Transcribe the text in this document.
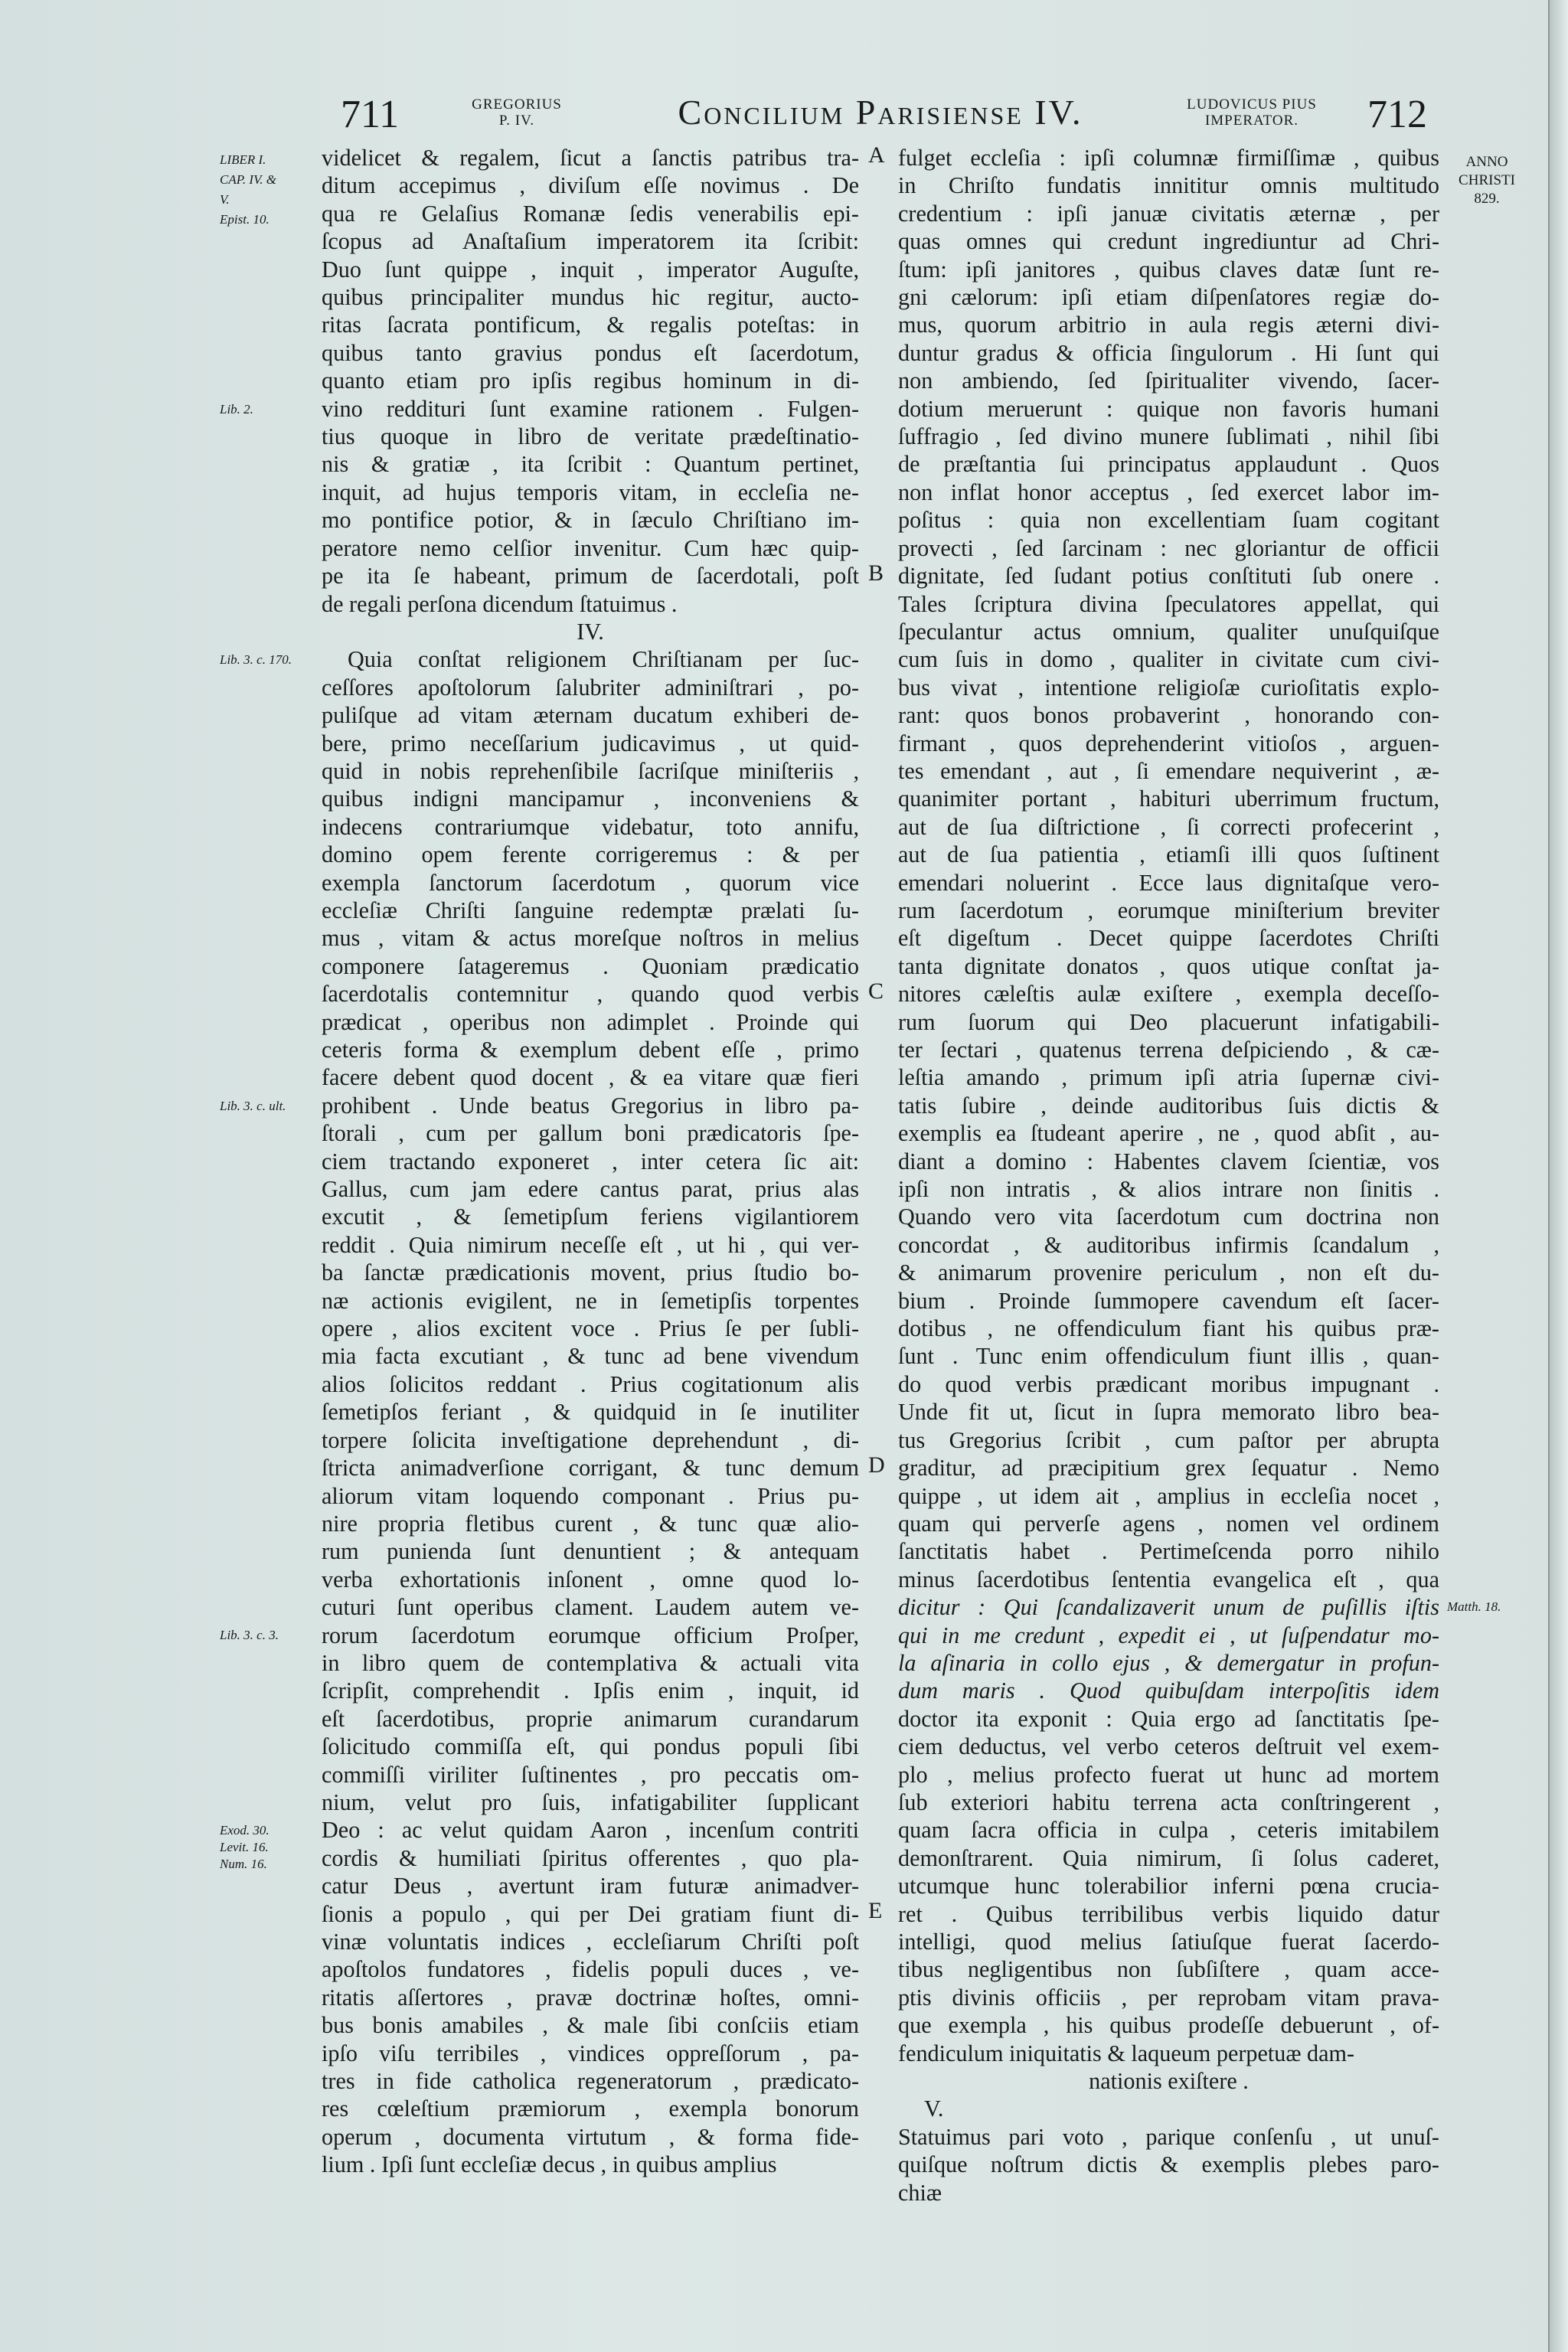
711	GREGORIUS
P. IV.	Concilium Parisiense IV.	LUDOVICUS PIUS
IMPERATOR.	712
ANNO
CHRISTI
829.
LIBER I.
CAP. IV. &
V.
Epist. 10.
Lib. 2.
Lib. 3. c. 170.
Lib. 3. c. ult.
Lib. 3. c. 3.
Exod. 30.
Levit. 16.
Num. 16.
Matth. 18.
A
B
C
D
E
videlicet & regalem, ſicut a ſanctis patribus tra-
ditum accepimus , diviſum eſſe novimus . De
qua re Gelaſius Romanæ ſedis venerabilis epi-
ſcopus ad Anaſtaſium imperatorem ita ſcribit:
Duo ſunt quippe , inquit , imperator Auguſte,
quibus principaliter mundus hic regitur, aucto-
ritas ſacrata pontificum, & regalis poteſtas: in
quibus tanto gravius pondus eſt ſacerdotum,
quanto etiam pro ipſis regibus hominum in di-
vino reddituri ſunt examine rationem . Fulgen-
tius quoque in libro de veritate prædeſtinatio-
nis & gratiæ , ita ſcribit : Quantum pertinet,
inquit, ad hujus temporis vitam, in eccleſia ne-
mo pontifice potior, & in ſæculo Chriſtiano im-
peratore nemo celſior invenitur. Cum hæc quip-
pe ita ſe habeant, primum de ſacerdotali, poſt
de regali perſona dicendum ſtatuimus .
IV.
Quia conſtat religionem Chriſtianam per ſuc-
ceſſores apoſtolorum ſalubriter adminiſtrari , po-
puliſque ad vitam æternam ducatum exhiberi de-
bere, primo neceſſarium judicavimus , ut quid-
quid in nobis reprehenſibile ſacriſque miniſteriis ,
quibus indigni mancipamur , inconveniens &
indecens contrariumque videbatur, toto annifu,
domino opem ferente corrigeremus : & per
exempla ſanctorum ſacerdotum , quorum vice
eccleſiæ Chriſti ſanguine redemptæ prælati ſu-
mus , vitam & actus moreſque noſtros in melius
componere ſatageremus . Quoniam prædicatio
ſacerdotalis contemnitur , quando quod verbis
prædicat , operibus non adimplet . Proinde qui
ceteris forma & exemplum debent eſſe , primo
facere debent quod docent , & ea vitare quæ fieri
prohibent . Unde beatus Gregorius in libro pa-
ſtorali , cum per gallum boni prædicatoris ſpe-
ciem tractando exponeret , inter cetera ſic ait:
Gallus, cum jam edere cantus parat, prius alas
excutit , & ſemetipſum feriens vigilantiorem
reddit . Quia nimirum neceſſe eſt , ut hi , qui ver-
ba ſanctæ prædicationis movent, prius ſtudio bo-
næ actionis evigilent, ne in ſemetipſis torpentes
opere , alios excitent voce . Prius ſe per ſubli-
mia facta excutiant , & tunc ad bene vivendum
alios ſolicitos reddant . Prius cogitationum alis
ſemetipſos feriant , & quidquid in ſe inutiliter
torpere ſolicita inveſtigatione deprehendunt , di-
ſtricta animadverſione corrigant, & tunc demum
aliorum vitam loquendo componant . Prius pu-
nire propria fletibus curent , & tunc quæ alio-
rum punienda ſunt denuntient ; & antequam
verba exhortationis inſonent , omne quod lo-
cuturi ſunt operibus clament. Laudem autem ve-
rorum ſacerdotum eorumque officium Proſper,
in libro quem de contemplativa & actuali vita
ſcripſit, comprehendit . Ipſis enim , inquit, id
eſt ſacerdotibus, proprie animarum curandarum
ſolicitudo commiſſa eſt, qui pondus populi ſibi
commiſſi viriliter ſuſtinentes , pro peccatis om-
nium, velut pro ſuis, infatigabiliter ſupplicant
Deo : ac velut quidam Aaron , incenſum contriti
cordis & humiliati ſpiritus offerentes , quo pla-
catur Deus , avertunt iram futuræ animadver-
ſionis a populo , qui per Dei gratiam fiunt di-
vinæ voluntatis indices , eccleſiarum Chriſti poſt
apoſtolos fundatores , fidelis populi duces , ve-
ritatis aſſertores , pravæ doctrinæ hoſtes, omni-
bus bonis amabiles , & male ſibi conſciis etiam
ipſo viſu terribiles , vindices oppreſſorum , pa-
tres in fide catholica regeneratorum , prædicato-
res cœleſtium præmiorum , exempla bonorum
operum , documenta virtutum , & forma fide-
lium . Ipſi ſunt eccleſiæ decus , in quibus amplius
fulget eccleſia : ipſi columnæ firmiſſimæ , quibus
in Chriſto fundatis innititur omnis multitudo
credentium : ipſi januæ civitatis æternæ , per
quas omnes qui credunt ingrediuntur ad Chri-
ſtum: ipſi janitores , quibus claves datæ ſunt re-
gni cælorum: ipſi etiam diſpenſatores regiæ do-
mus, quorum arbitrio in aula regis æterni divi-
duntur gradus & officia ſingulorum . Hi ſunt qui
non ambiendo, ſed ſpiritualiter vivendo, ſacer-
dotium meruerunt : quique non favoris humani
ſuffragio , ſed divino munere ſublimati , nihil ſibi
de præſtantia ſui principatus applaudunt . Quos
non inflat honor acceptus , ſed exercet labor im-
poſitus : quia non excellentiam ſuam cogitant
provecti , ſed ſarcinam : nec gloriantur de officii
dignitate, ſed ſudant potius conſtituti ſub onere .
Tales ſcriptura divina ſpeculatores appellat, qui
ſpeculantur actus omnium, qualiter unuſquiſque
cum ſuis in domo , qualiter in civitate cum civi-
bus vivat , intentione religioſæ curioſitatis explo-
rant: quos bonos probaverint , honorando con-
firmant , quos deprehenderint vitioſos , arguen-
tes emendant , aut , ſi emendare nequiverint , æ-
quanimiter portant , habituri uberrimum fructum,
aut de ſua diſtrictione , ſi correcti profecerint ,
aut de ſua patientia , etiamſi illi quos ſuſtinent
emendari noluerint . Ecce laus dignitaſque vero-
rum ſacerdotum , eorumque miniſterium breviter
eſt digeſtum . Decet quippe ſacerdotes Chriſti
tanta dignitate donatos , quos utique conſtat ja-
nitores cæleſtis aulæ exiſtere , exempla deceſſo-
rum ſuorum qui Deo placuerunt infatigabili-
ter ſectari , quatenus terrena deſpiciendo , & cæ-
leſtia amando , primum ipſi atria ſupernæ civi-
tatis ſubire , deinde auditoribus ſuis dictis &
exemplis ea ſtudeant aperire , ne , quod abſit , au-
diant a domino : Habentes clavem ſcientiæ, vos
ipſi non intratis , & alios intrare non ſinitis .
Quando vero vita ſacerdotum cum doctrina non
concordat , & auditoribus infirmis ſcandalum ,
& animarum provenire periculum , non eſt du-
bium . Proinde ſummopere cavendum eſt ſacer-
dotibus , ne offendiculum fiant his quibus præ-
ſunt . Tunc enim offendiculum fiunt illis , quan-
do quod verbis prædicant moribus impugnant .
Unde fit ut, ſicut in ſupra memorato libro bea-
tus Gregorius ſcribit , cum paſtor per abrupta
graditur, ad præcipitium grex ſequatur . Nemo
quippe , ut idem ait , amplius in eccleſia nocet ,
quam qui perverſe agens , nomen vel ordinem
ſanctitatis habet . Pertimeſcenda porro nihilo
minus ſacerdotibus ſententia evangelica eſt , qua
dicitur : Qui ſcandalizaverit unum de puſillis iſtis
qui in me credunt , expedit ei , ut ſuſpendatur mo-
la aſinaria in collo ejus , & demergatur in profun-
dum maris . Quod quibuſdam interpoſitis idem
doctor ita exponit : Quia ergo ad ſanctitatis ſpe-
ciem deductus, vel verbo ceteros deſtruit vel exem-
plo , melius profecto fuerat ut hunc ad mortem
ſub exteriori habitu terrena acta conſtringerent ,
quam ſacra officia in culpa , ceteris imitabilem
demonſtrarent. Quia nimirum, ſi ſolus caderet,
utcumque hunc tolerabilior inferni pœna crucia-
ret . Quibus terribilibus verbis liquido datur
intelligi, quod melius ſatiuſque fuerat ſacerdo-
tibus negligentibus non ſubſiſtere , quam acce-
ptis divinis officiis , per reprobam vitam prava-
que exempla , his quibus prodeſſe debuerunt , of-
fendiculum iniquitatis & laqueum perpetuæ dam-
nationis exiſtere .
V.
Statuimus pari voto , parique conſenſu , ut unuſ-
quiſque noſtrum dictis & exemplis plebes paro-
chiæ
